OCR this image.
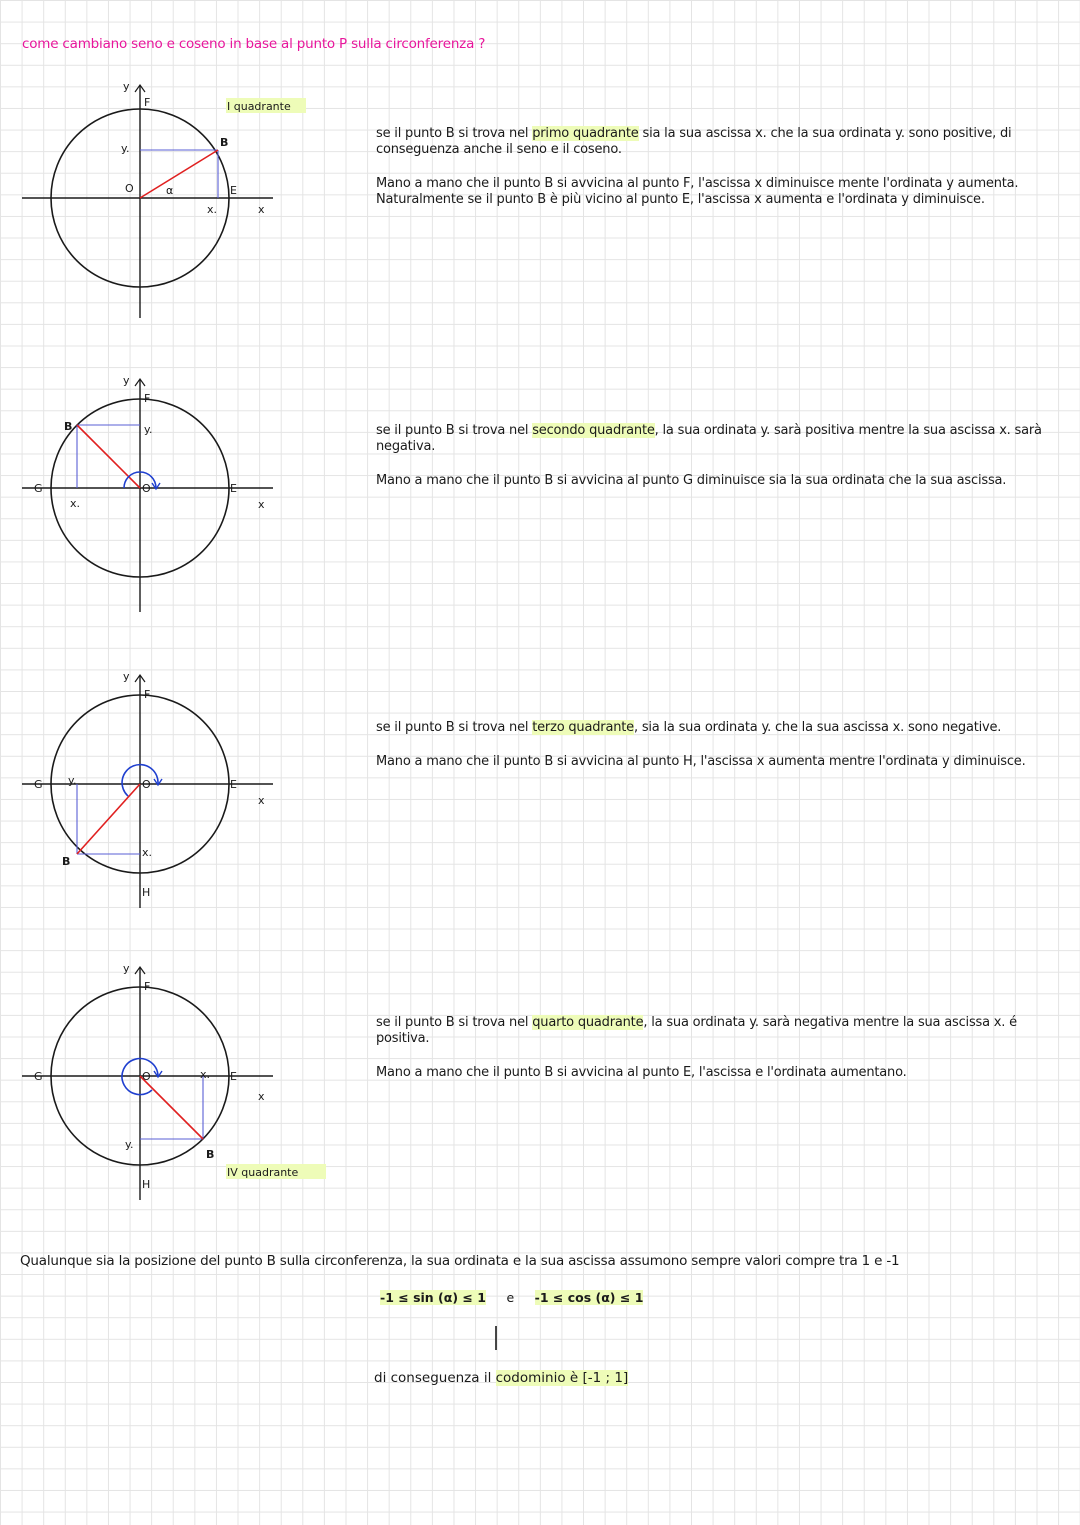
come cambiano seno e coseno in base al punto P sulla circonferenza ?
I quadrante
y
F
y.	B
O	α	E
x.	x
y
F
y.
B
G	O	E
x.	x
y
F
G y.	O	E
x
x.
B
H
IV quadrante
y
F
G	O	x. E
x
y.
B
H

se il punto B si trova nel primo quadrante sia la sua ascissa x. che la sua ordinata y. sono positive, di conseguenza anche il seno e il coseno.

Mano a mano che il punto B si avvicina al punto F, l'ascissa x diminuisce mente l'ordinata y aumenta. Naturalmente se il punto B è più vicino al punto E, l'ascissa x aumenta e l'ordinata y diminuisce.

se il punto B si trova nel secondo quadrante, la sua ordinata y. sarà positiva mentre la sua ascissa x. sarà negativa.

Mano a mano che il punto B si avvicina al punto G diminuisce sia la sua ordinata che la sua ascissa.

se il punto B si trova nel terzo quadrante, sia la sua ordinata y. che la sua ascissa x. sono negative.

Mano a mano che il punto B si avvicina al punto H, l'ascissa x aumenta mentre l'ordinata y diminuisce.

se il punto B si trova nel quarto quadrante, la sua ordinata y. sarà negativa mentre la sua ascissa x. é positiva.

Mano a mano che il punto B si avvicina al punto E, l'ascissa e l'ordinata aumentano.

Qualunque sia la posizione del punto B sulla circonferenza, la sua ordinata e la sua ascissa assumono sempre valori compre tra 1 e -1
-1 ≤ sin (α) ≤ 1 e -1 ≤ cos (α) ≤ 1
di conseguenza il codominio è [-1 ; 1]
